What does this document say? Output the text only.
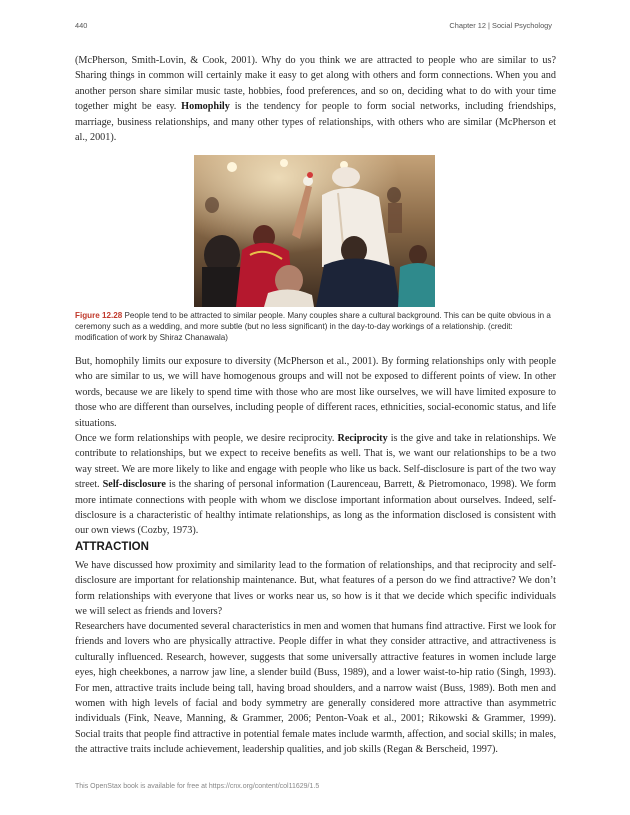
440	Chapter 12 | Social Psychology

(McPherson, Smith-Lovin, & Cook, 2001). Why do you think we are attracted to people who are similar to us? Sharing things in common will certainly make it easy to get along with others and form connections. When you and another person share similar music taste, hobbies, food preferences, and so on, deciding what to do with your time together might be easy. Homophily is the tendency for people to form social networks, including friendships, marriage, business relationships, and many other types of relationships, with others who are similar (McPherson et al., 2001).

Figure 12.28 People tend to be attracted to similar people. Many couples share a cultural background. This can be quite obvious in a ceremony such as a wedding, and more subtle (but no less significant) in the day-to-day workings of a relationship. (credit: modification of work by Shiraz Chanawala)

But, homophily limits our exposure to diversity (McPherson et al., 2001). By forming relationships only with people who are similar to us, we will have homogenous groups and will not be exposed to different points of view. In other words, because we are likely to spend time with those who are most like ourselves, we will have limited exposure to those who are different than ourselves, including people of different races, ethnicities, social-economic status, and life situations.

Once we form relationships with people, we desire reciprocity. Reciprocity is the give and take in relationships. We contribute to relationships, but we expect to receive benefits as well. That is, we want our relationships to be a two way street. We are more likely to like and engage with people who like us back. Self-disclosure is part of the two way street. Self-disclosure is the sharing of personal information (Laurenceau, Barrett, & Pietromonaco, 1998). We form more intimate connections with people with whom we disclose important information about ourselves. Indeed, self-disclosure is a characteristic of healthy intimate relationships, as long as the information disclosed is consistent with our own views (Cozby, 1973).

ATTRACTION

We have discussed how proximity and similarity lead to the formation of relationships, and that reciprocity and self-disclosure are important for relationship maintenance. But, what features of a person do we find attractive? We don’t form relationships with everyone that lives or works near us, so how is it that we decide which specific individuals we will select as friends and lovers?

Researchers have documented several characteristics in men and women that humans find attractive. First we look for friends and lovers who are physically attractive. People differ in what they consider attractive, and attractiveness is culturally influenced. Research, however, suggests that some universally attractive features in women include large eyes, high cheekbones, a narrow jaw line, a slender build (Buss, 1989), and a lower waist-to-hip ratio (Singh, 1993). For men, attractive traits include being tall, having broad shoulders, and a narrow waist (Buss, 1989). Both men and women with high levels of facial and body symmetry are generally considered more attractive than asymmetric individuals (Fink, Neave, Manning, & Grammer, 2006; Penton-Voak et al., 2001; Rikowski & Grammer, 1999). Social traits that people find attractive in potential female mates include warmth, affection, and social skills; in males, the attractive traits include achievement, leadership qualities, and job skills (Regan & Berscheid, 1997).

This OpenStax book is available for free at https://cnx.org/content/col11629/1.5
